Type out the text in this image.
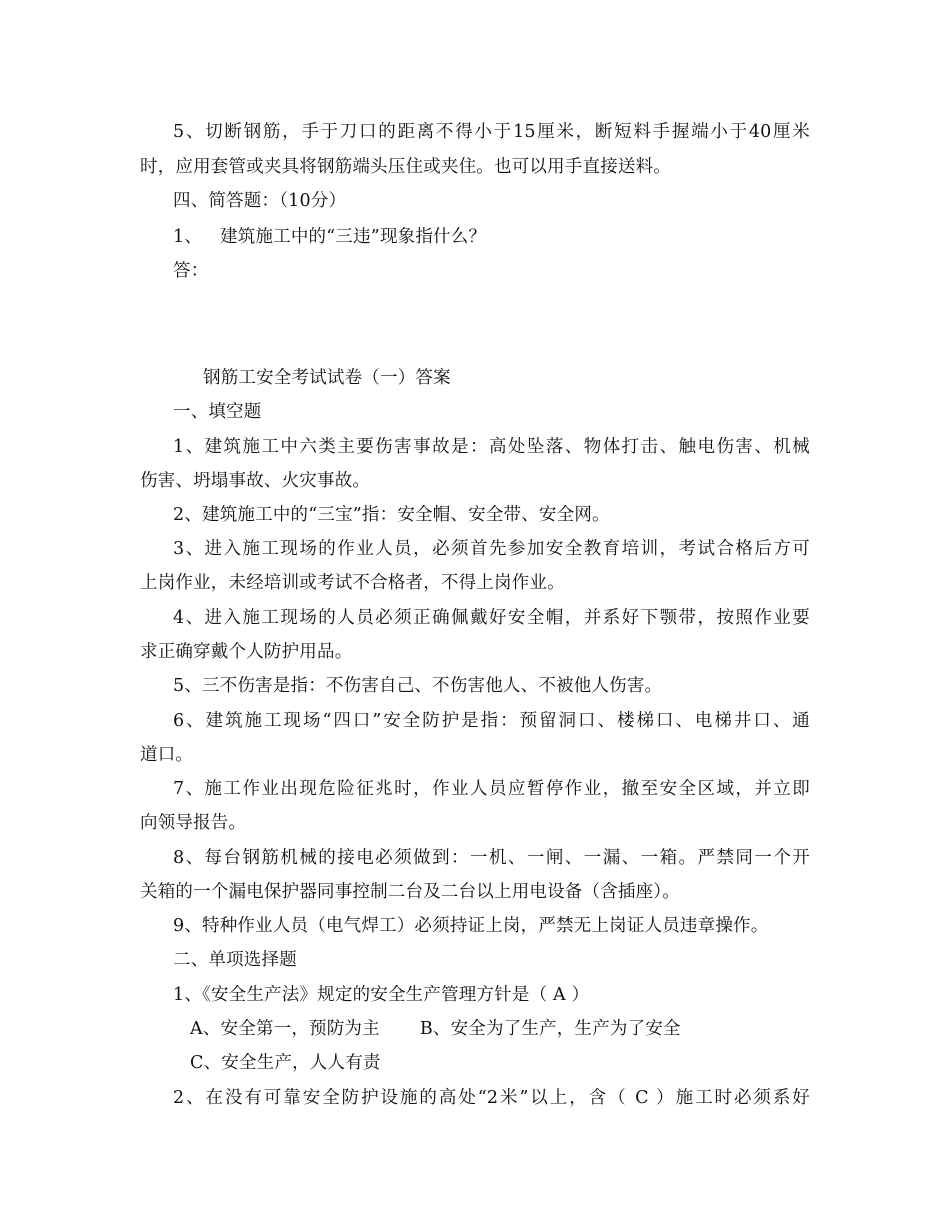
5、切断钢筋，手于刀口的距离不得小于15厘米，断短料手握端小于40厘米
时，应用套管或夹具将钢筋端头压住或夹住。也可以用手直接送料。
四、简答题：（10分）
1、 建筑施工中的“三违”现象指什么？
答：
钢筋工安全考试试卷（一）答案
一、填空题
1、建筑施工中六类主要伤害事故是：高处坠落、物体打击、触电伤害、机械
伤害、坍塌事故、火灾事故。
2、建筑施工中的“三宝”指：安全帽、安全带、安全网。
3、进入施工现场的作业人员，必须首先参加安全教育培训，考试合格后方可
上岗作业，未经培训或考试不合格者，不得上岗作业。
4、进入施工现场的人员必须正确佩戴好安全帽，并系好下颚带，按照作业要
求正确穿戴个人防护用品。
5、三不伤害是指：不伤害自己、不伤害他人、不被他人伤害。
6、建筑施工现场“四口”安全防护是指：预留洞口、楼梯口、电梯井口、通
道口。
7、施工作业出现危险征兆时，作业人员应暂停作业，撤至安全区域，并立即
向领导报告。
8、每台钢筋机械的接电必须做到：一机、一闸、一漏、一箱。严禁同一个开
关箱的一个漏电保护器同事控制二台及二台以上用电设备（含插座）。
9、特种作业人员（电气焊工）必须持证上岗，严禁无上岗证人员违章操作。
二、单项选择题
1、《安全生产法》规定的安全生产管理方针是（ A ）
A、安全第一，预防为主 B、安全为了生产，生产为了安全
C、安全生产，人人有责
2、在没有可靠安全防护设施的高处“2米”以上，含（ C ）施工时必须系好
